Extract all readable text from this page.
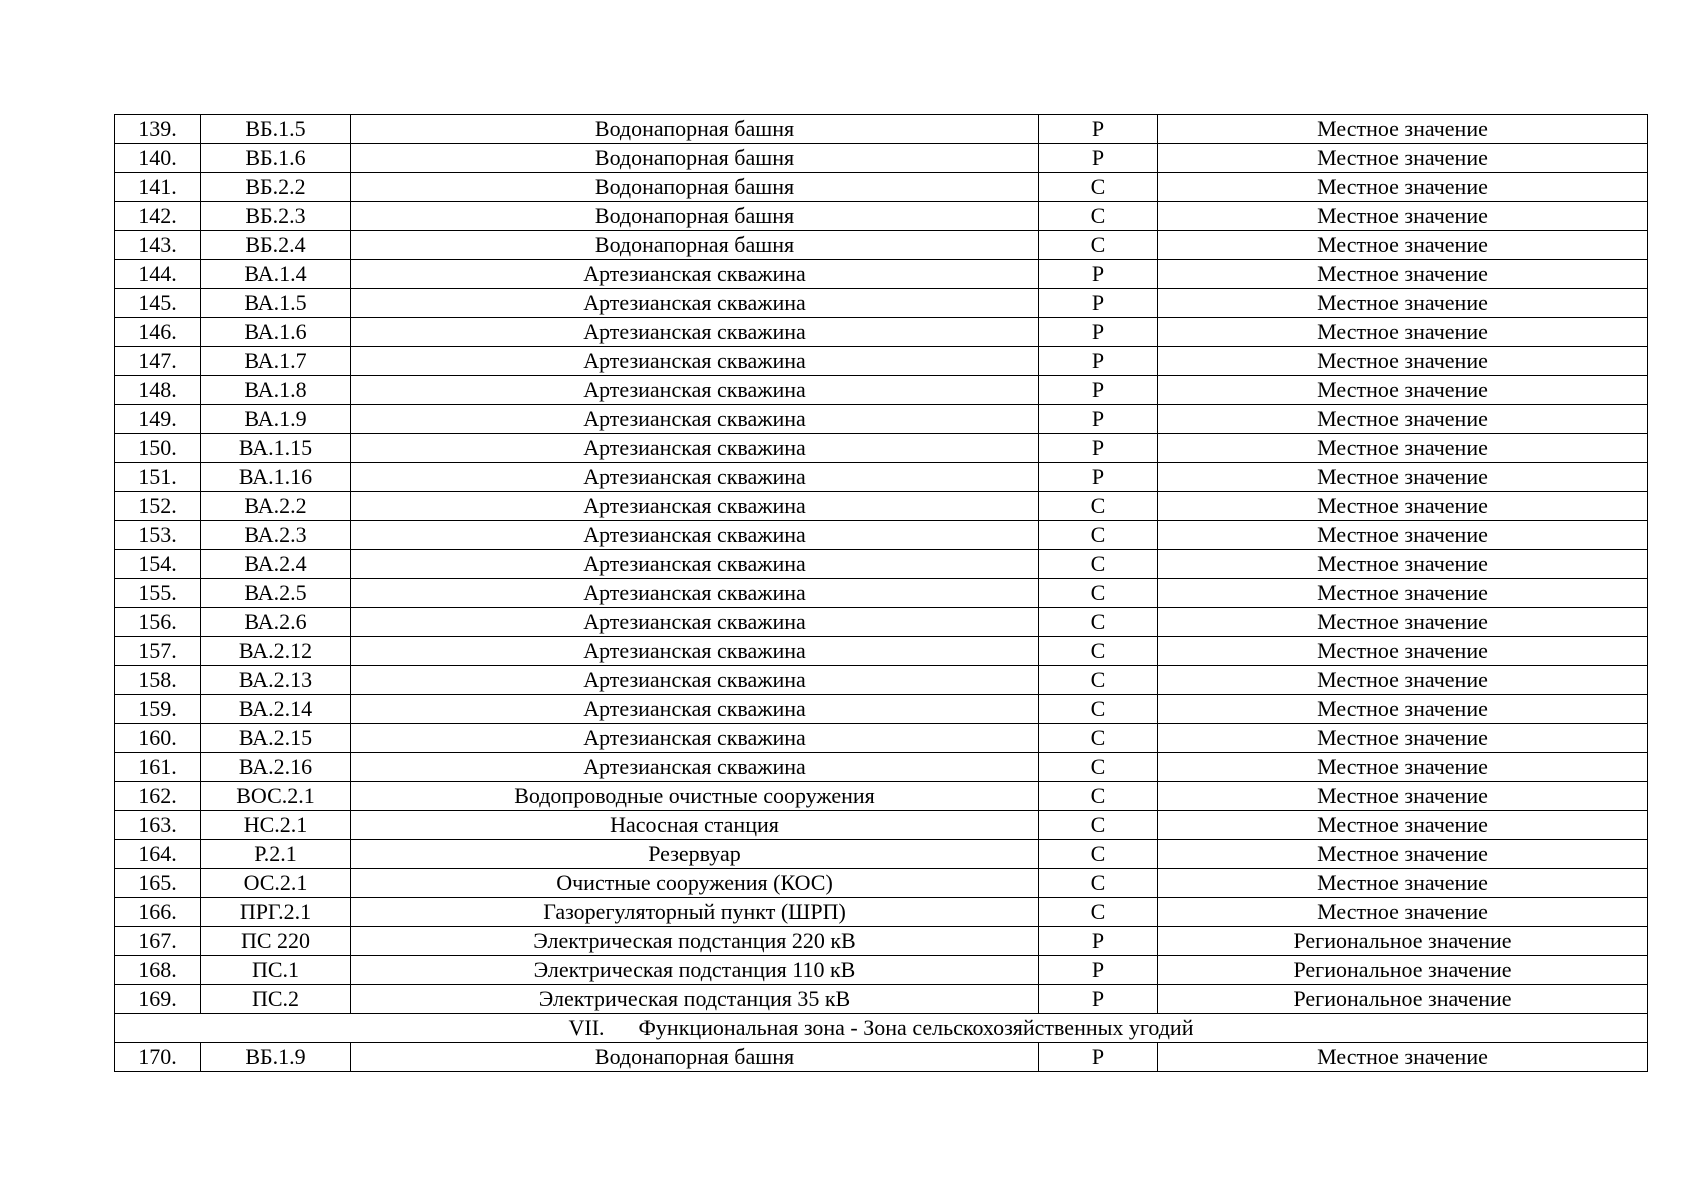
139.	ВБ.1.5	Водонапорная башня	Р	Местное значение
140.	ВБ.1.6	Водонапорная башня	Р	Местное значение
141.	ВБ.2.2	Водонапорная башня	С	Местное значение
142.	ВБ.2.3	Водонапорная башня	С	Местное значение
143.	ВБ.2.4	Водонапорная башня	С	Местное значение
144.	ВА.1.4	Артезианская скважина	Р	Местное значение
145.	ВА.1.5	Артезианская скважина	Р	Местное значение
146.	ВА.1.6	Артезианская скважина	Р	Местное значение
147.	ВА.1.7	Артезианская скважина	Р	Местное значение
148.	ВА.1.8	Артезианская скважина	Р	Местное значение
149.	ВА.1.9	Артезианская скважина	Р	Местное значение
150.	ВА.1.15	Артезианская скважина	Р	Местное значение
151.	ВА.1.16	Артезианская скважина	Р	Местное значение
152.	ВА.2.2	Артезианская скважина	С	Местное значение
153.	ВА.2.3	Артезианская скважина	С	Местное значение
154.	ВА.2.4	Артезианская скважина	С	Местное значение
155.	ВА.2.5	Артезианская скважина	С	Местное значение
156.	ВА.2.6	Артезианская скважина	С	Местное значение
157.	ВА.2.12	Артезианская скважина	С	Местное значение
158.	ВА.2.13	Артезианская скважина	С	Местное значение
159.	ВА.2.14	Артезианская скважина	С	Местное значение
160.	ВА.2.15	Артезианская скважина	С	Местное значение
161.	ВА.2.16	Артезианская скважина	С	Местное значение
162.	ВОС.2.1	Водопроводные очистные сооружения	С	Местное значение
163.	НС.2.1	Насосная станция	С	Местное значение
164.	Р.2.1	Резервуар	С	Местное значение
165.	ОС.2.1	Очистные сооружения (КОС)	С	Местное значение
166.	ПРГ.2.1	Газорегуляторный пункт (ШРП)	С	Местное значение
167.	ПС 220	Электрическая подстанция 220 кВ	Р	Региональное значение
168.	ПС.1	Электрическая подстанция 110 кВ	Р	Региональное значение
169.	ПС.2	Электрическая подстанция 35 кВ	Р	Региональное значение
VII. Функциональная зона - Зона сельскохозяйственных угодий				
170.	ВБ.1.9	Водонапорная башня	Р	Местное значение
